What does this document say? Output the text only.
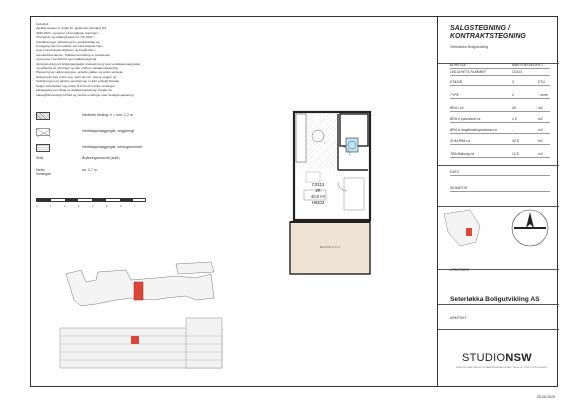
Fellesfelt:

Gjeldlig arealer er angitt iht. gjeldende standard NS

3940:2023, og basert på foreløpige tegninger.

Toleranser og målangivelser iht. NS 3420.

Visualiseringer, farkeforsyner, gardinbeslag og

innlegging samt produkter vist med stiplede linjer,

viser innredningsmuligheter og inngår ikke i

standardleveransen. Kjøkkeninnredning er veiledende

og leveres i henhold til egen kjøkkentegning.

Åpningsretning på boligutgangsdør, plassering og type ventilasjonsaggregat,

og rørføring av inntringer og kan endres i detaljprosjektering.

Plassering av våtromsgruppe, enkelte sjakter og andre tekniske

føringsveier kan endre seg, samt pimner, tettere vegger og

fordelinuesen og påvirke panelsjonen er ikke endelig fastsatt.

Selger forbeholder seg retten til å foreta mindre endringer,

planlegging som følge av detaljprosjektering. Arealer av

bakangiftsmessige forhold og mindre endringer etter detaljprosjektering.

Nedforet himling: h = min. 2,2 m
Ventilasjonsaggregat, vegghengt
Ventilasjonsaggregat, forningsmontert
Snitt	Bryteringsinnsnitt (snitt)
Netto himlingsh.
ca. 2,7 m
0	1	2	3	4	5	6	7
C0313
2R
40,0 m²
H0203
BALKONG 12,5 m²
SALGSTEGNING /
KONTRAKTSTEGNING
Seterløkka Boligutvikling
ADRESSE	MARTENSVEGEN 7
LEILIGHETS NUMMER	C0313
ETASJE	3	ETG
TYPE	2	- rome
BRA-i ca	40	m2
BRA-e sportsbod ca	2,5	m2
BRA-b /boglokale/sportsbod ca	-	m2
SUM BRA ca	42,5	m2
TBA Balkong ca	12,5	m2
DATO
SIGNATUR
UTBYGGER
Seterløkka Boligutvikling AS
ARKITEKT
STUDIONSW
DESIGN FOR ARKITEKTUR OG SAMFUNNSPLANLEGGING · TELEFON · POST@STUDIONSW.NO
25.06.2025
